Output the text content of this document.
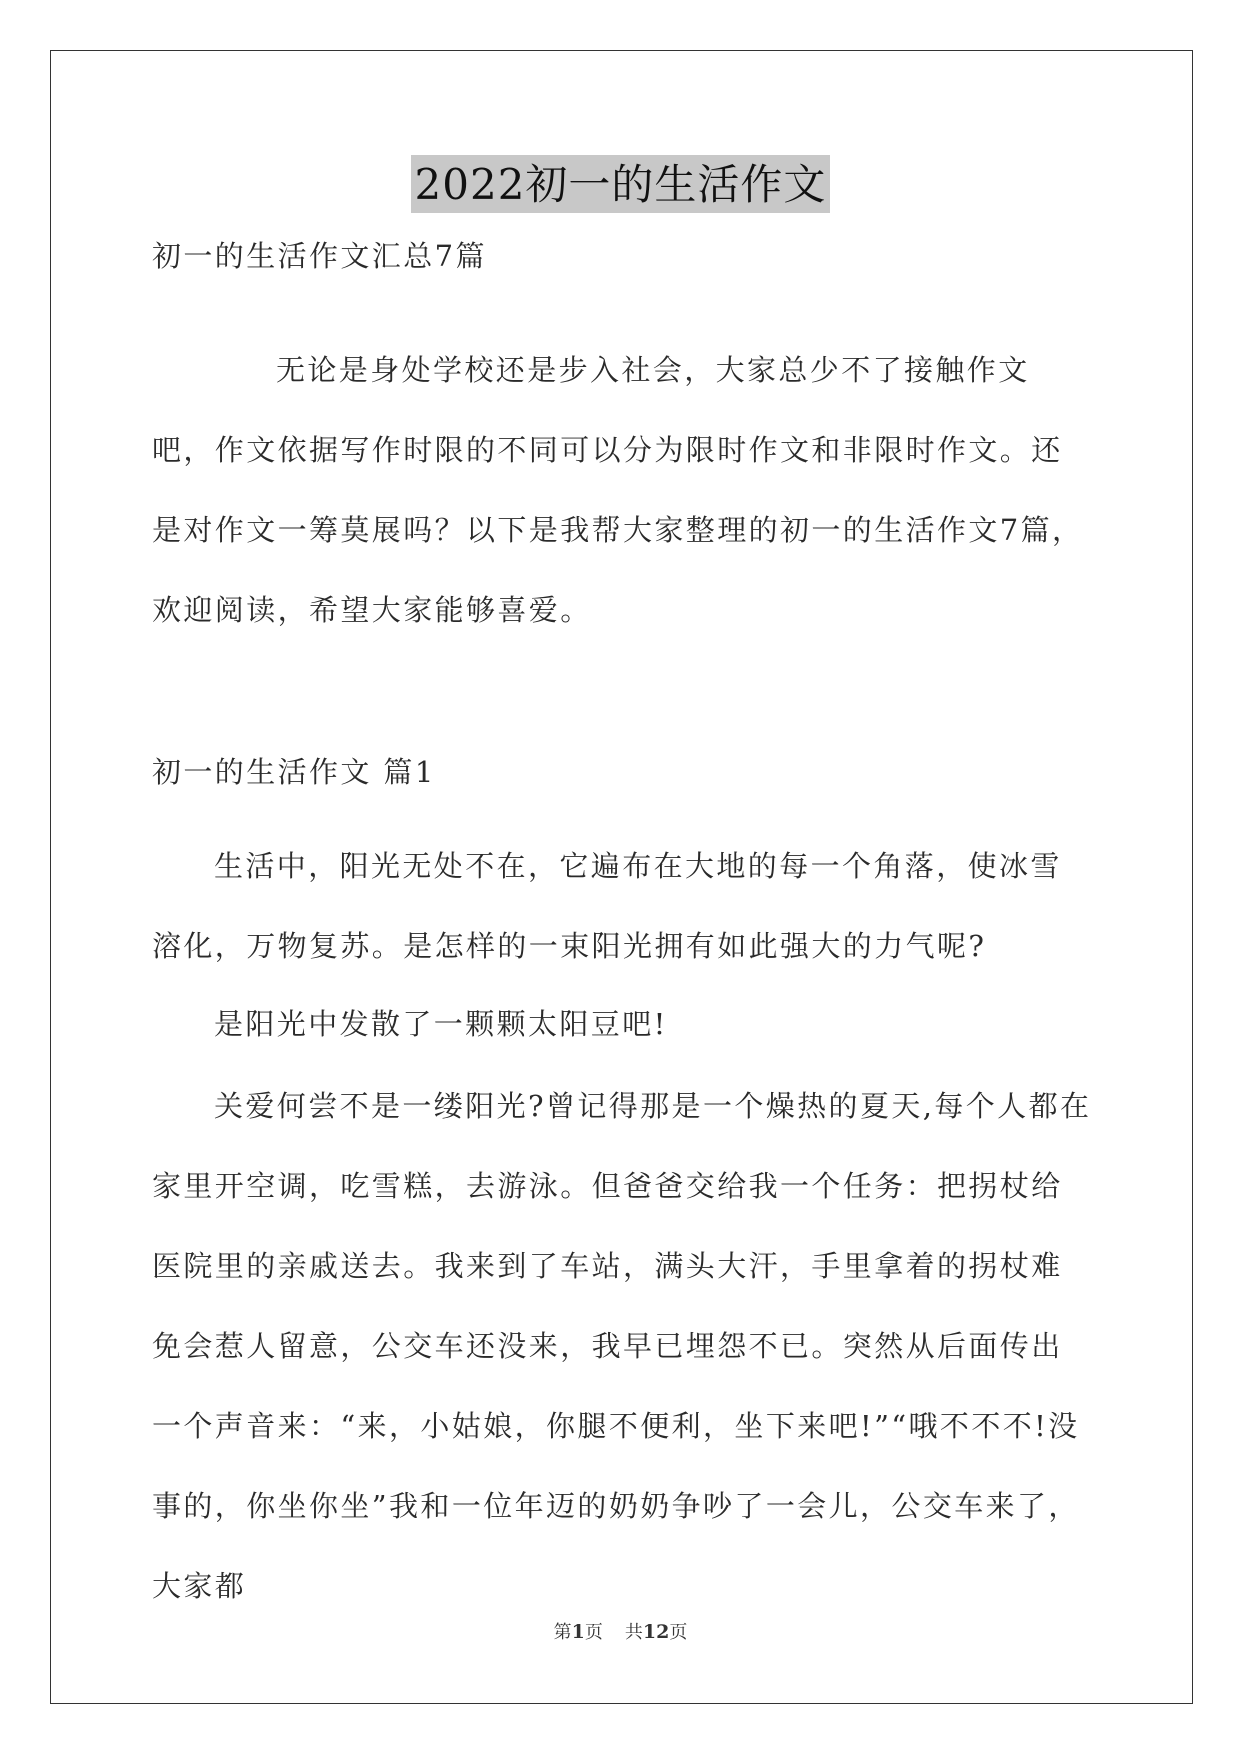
2022初一的生活作文

初一的生活作文汇总7篇

无论是身处学校还是步入社会，大家总少不了接触作文吧，作文依据写作时限的不同可以分为限时作文和非限时作文。还是对作文一筹莫展吗？以下是我帮大家整理的初一的生活作文7篇，欢迎阅读，希望大家能够喜爱。

初一的生活作文 篇1

生活中，阳光无处不在，它遍布在大地的每一个角落，使冰雪溶化，万物复苏。是怎样的一束阳光拥有如此强大的力气呢?

是阳光中发散了一颗颗太阳豆吧!

关爱何尝不是一缕阳光?曾记得那是一个燥热的夏天,每个人都在家里开空调，吃雪糕，去游泳。但爸爸交给我一个任务：把拐杖给医院里的亲戚送去。我来到了车站，满头大汗，手里拿着的拐杖难免会惹人留意，公交车还没来，我早已埋怨不已。突然从后面传出一个声音来：“来，小姑娘，你腿不便利，坐下来吧!”“哦不不不!没事的，你坐你坐”我和一位年迈的奶奶争吵了一会儿，公交车来了，大家都

第1页 共12页
